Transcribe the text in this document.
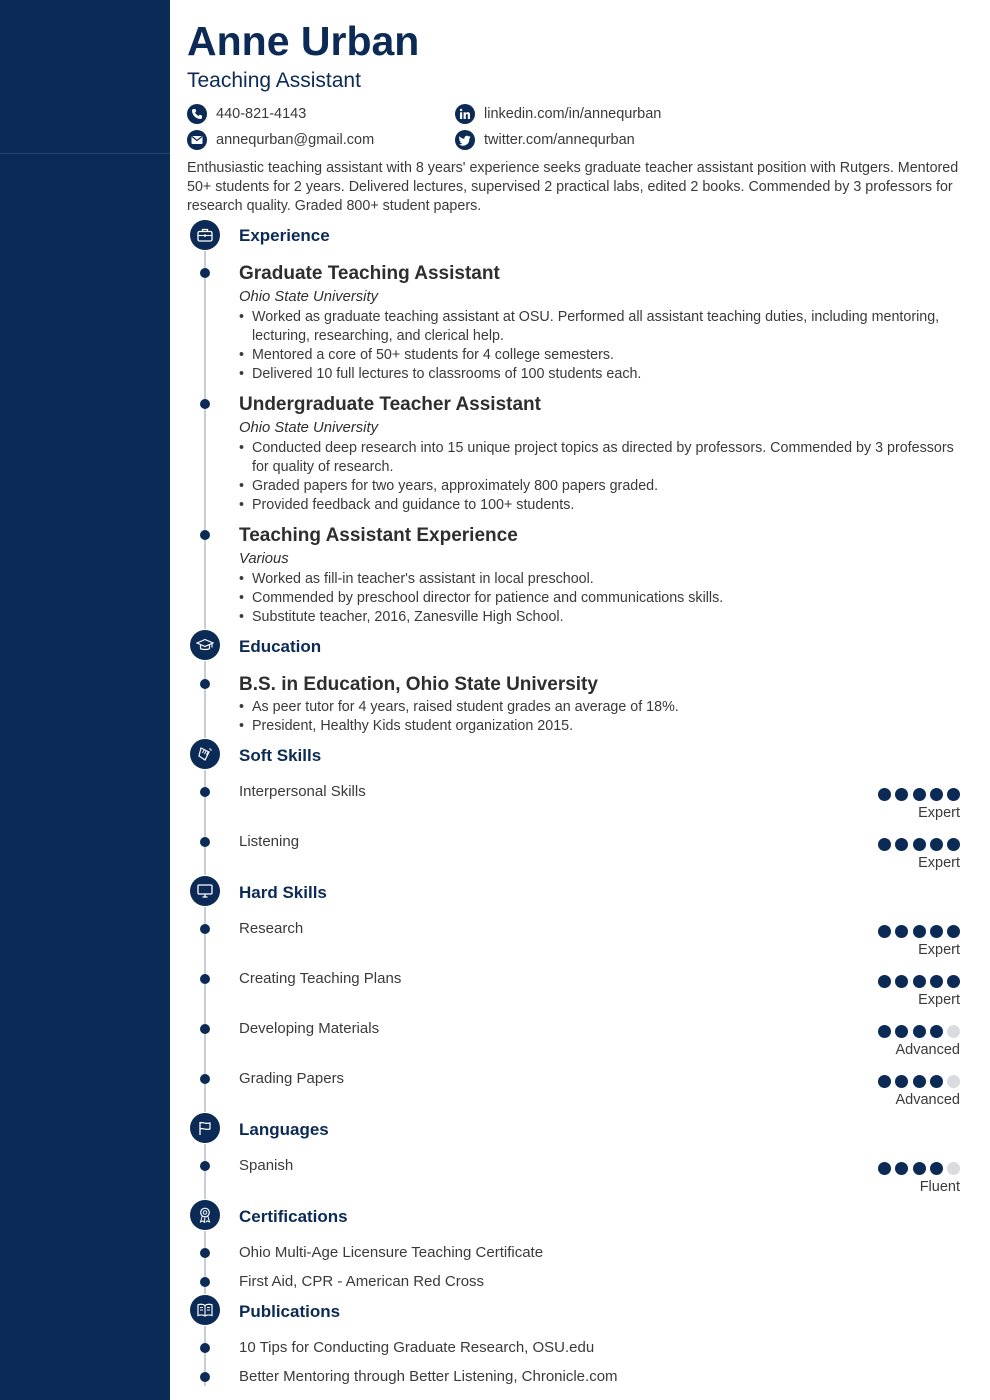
Anne Urban
Teaching Assistant
440-821-4143
annequrban@gmail.com
linkedin.com/in/annequrban
twitter.com/annequrban
Enthusiastic teaching assistant with 8 years' experience seeks graduate teacher assistant position with Rutgers. Mentored 50+ students for 2 years. Delivered lectures, supervised 2 practical labs, edited 2 books. Commended by 3 professors for research quality. Graded 800+ student papers.
Experience
Graduate Teaching Assistant
Ohio State University
• Worked as graduate teaching assistant at OSU. Performed all assistant teaching duties, including mentoring, lecturing, researching, and clerical help.
• Mentored a core of 50+ students for 4 college semesters.
• Delivered 10 full lectures to classrooms of 100 students each.
Undergraduate Teacher Assistant
Ohio State University
• Conducted deep research into 15 unique project topics as directed by professors. Commended by 3 professors for quality of research.
• Graded papers for two years, approximately 800 papers graded.
• Provided feedback and guidance to 100+ students.
Teaching Assistant Experience
Various
• Worked as fill-in teacher's assistant in local preschool.
• Commended by preschool director for patience and communications skills.
• Substitute teacher, 2016, Zanesville High School.
Education
B.S. in Education, Ohio State University
• As peer tutor for 4 years, raised student grades an average of 18%.
• President, Healthy Kids student organization 2015.
Soft Skills
Interpersonal Skills
Expert
Listening
Expert
Hard Skills
Research
Expert
Creating Teaching Plans
Expert
Developing Materials
Advanced
Grading Papers
Advanced
Languages
Spanish
Fluent
Certifications
Ohio Multi-Age Licensure Teaching Certificate
First Aid, CPR - American Red Cross
Publications
10 Tips for Conducting Graduate Research, OSU.edu
Better Mentoring through Better Listening, Chronicle.com
